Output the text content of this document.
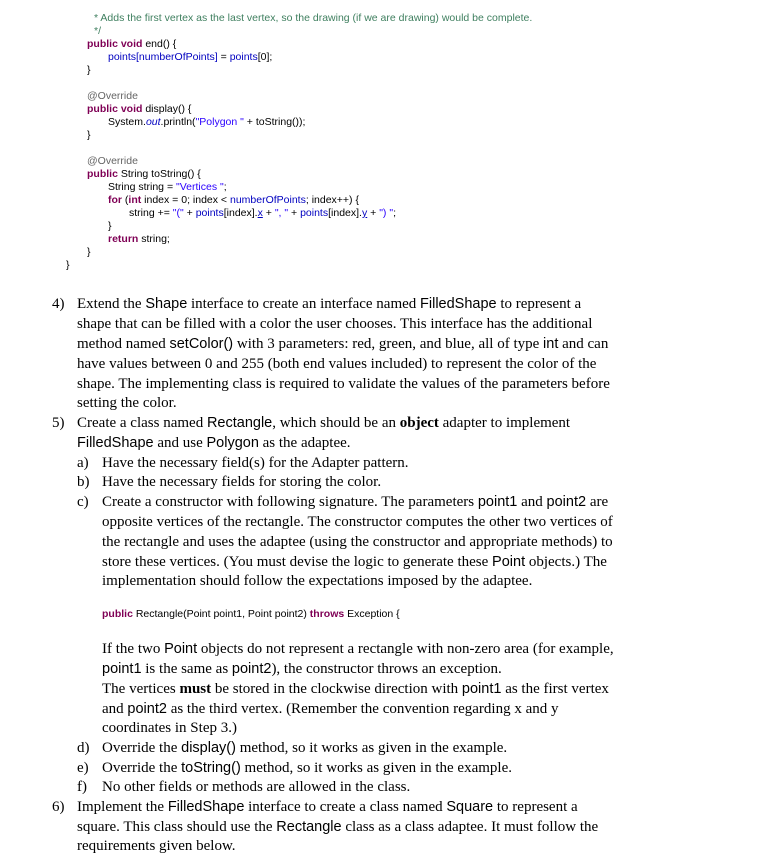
* Adds the first vertex as the last vertex, so the drawing (if we are drawing) would be complete.
*/
public void end() {
points[numberOfPoints] = points[0];
}
@Override
public void display() {
System.out.println("Polygon " + toString());
}
@Override
public String toString() {
String string = "Vertices ";
for (int index = 0; index < numberOfPoints; index++) {
string += "(" + points[index].x + ", " + points[index].y + ") ";
}
return string;
}
}
4) Extend the Shape interface to create an interface named FilledShape to represent a
shape that can be filled with a color the user chooses. This interface has the additional
method named setColor() with 3 parameters: red, green, and blue, all of type int and can
have values between 0 and 255 (both end values included) to represent the color of the
shape. The implementing class is required to validate the values of the parameters before
setting the color.
5) Create a class named Rectangle, which should be an object adapter to implement
FilledShape and use Polygon as the adaptee.
a) Have the necessary field(s) for the Adapter pattern.
b) Have the necessary fields for storing the color.
c) Create a constructor with following signature. The parameters point1 and point2 are
opposite vertices of the rectangle. The constructor computes the other two vertices of
the rectangle and uses the adaptee (using the constructor and appropriate methods) to
store these vertices. (You must devise the logic to generate these Point objects.) The
implementation should follow the expectations imposed by the adaptee.
public Rectangle(Point point1, Point point2) throws Exception {
If the two Point objects do not represent a rectangle with non-zero area (for example,
point1 is the same as point2), the constructor throws an exception.
The vertices must be stored in the clockwise direction with point1 as the first vertex
and point2 as the third vertex. (Remember the convention regarding x and y
coordinates in Step 3.)
d) Override the display() method, so it works as given in the example.
e) Override the toString() method, so it works as given in the example.
f) No other fields or methods are allowed in the class.
6) Implement the FilledShape interface to create a class named Square to represent a
square. This class should use the Rectangle class as a class adaptee. It must follow the
requirements given below.
